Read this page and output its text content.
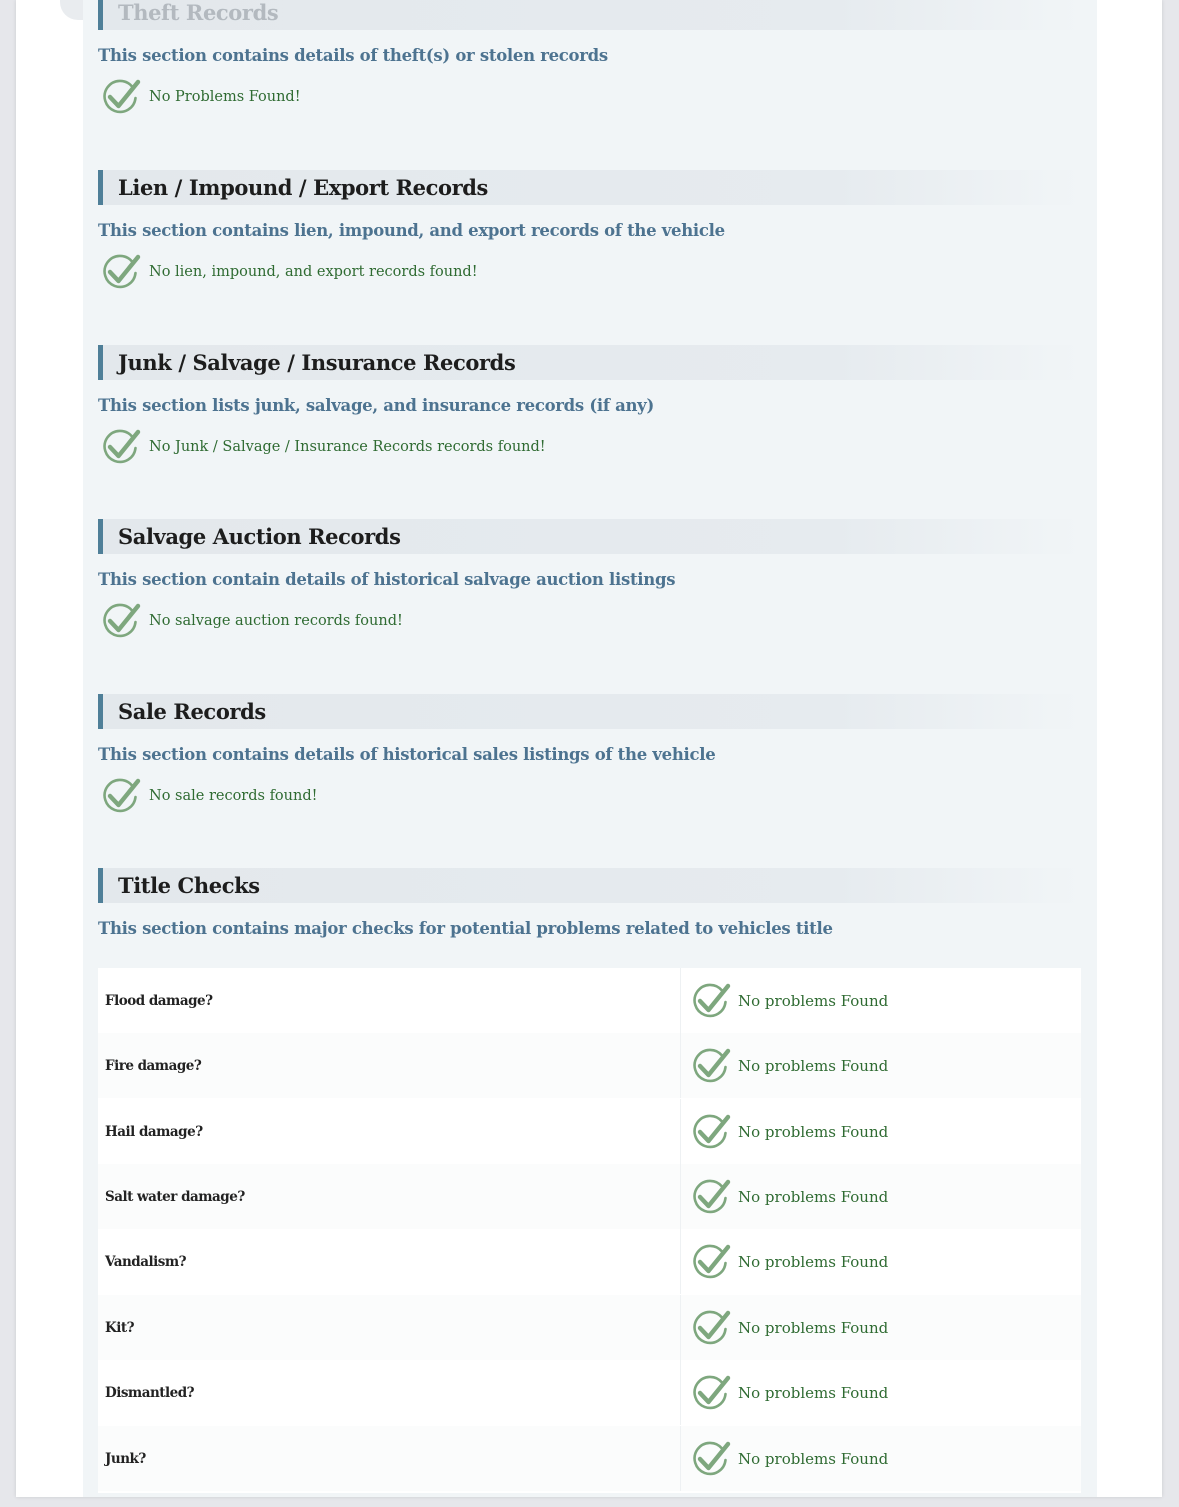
Theft Records
This section contains details of theft(s) or stolen records
No Problems Found!
Lien / Impound / Export Records
This section contains lien, impound, and export records of the vehicle
No lien, impound, and export records found!
Junk / Salvage / Insurance Records
This section lists junk, salvage, and insurance records (if any)
No Junk / Salvage / Insurance Records records found!
Salvage Auction Records
This section contain details of historical salvage auction listings
No salvage auction records found!
Sale Records
This section contains details of historical sales listings of the vehicle
No sale records found!
Title Checks
This section contains major checks for potential problems related to vehicles title
Flood damage?	No problems Found
Fire damage?	No problems Found
Hail damage?	No problems Found
Salt water damage?	No problems Found
Vandalism?	No problems Found
Kit?	No problems Found
Dismantled?	No problems Found
Junk?	No problems Found
